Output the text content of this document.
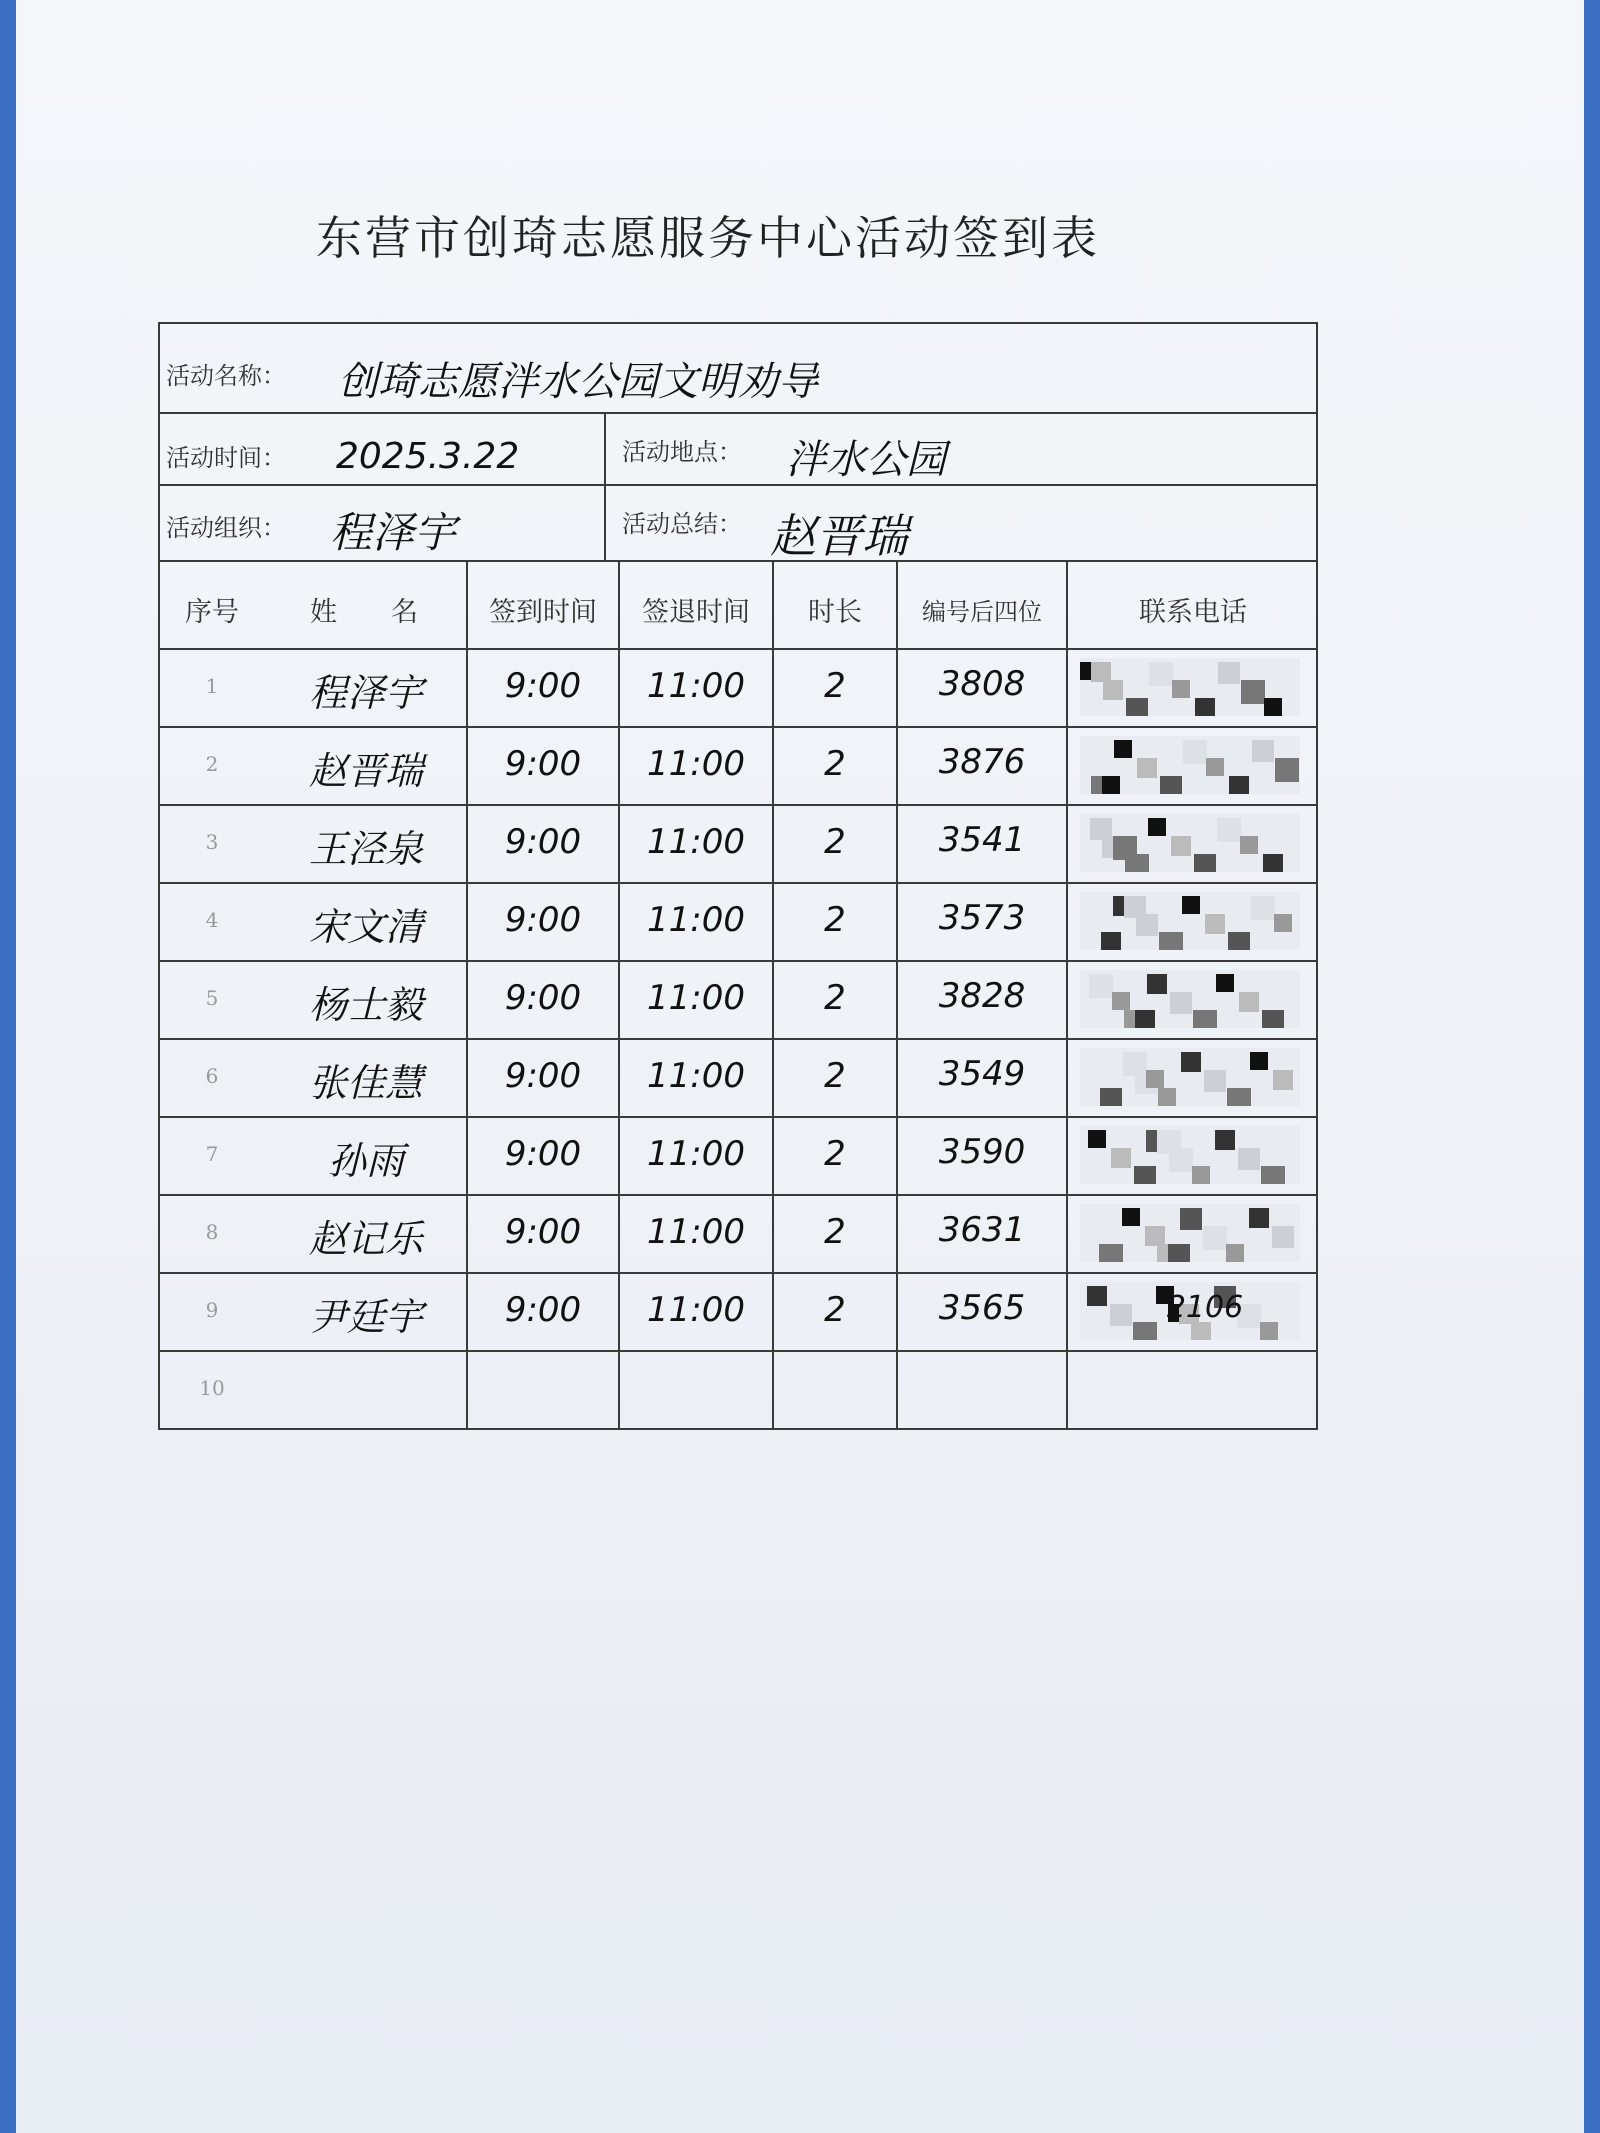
东营市创琦志愿服务中心活动签到表
活动名称： 创琦志愿泮水公园文明劝导
活动时间： 2025.3.22	活动地点： 泮水公园
活动组织： 程泽宇	活动总结： 赵晋瑞
序号	姓　　名	签到时间	签退时间	时长	编号后四位	联系电话
1	程泽宇	9:00	11:00	2	3808
2	赵晋瑞	9:00	11:00	2	3876
3	王泾泉	9:00	11:00	2	3541
4	宋文清	9:00	11:00	2	3573
5	杨士毅	9:00	11:00	2	3828
6	张佳慧	9:00	11:00	2	3549
7	孙雨	9:00	11:00	2	3590
8	赵记乐	9:00	11:00	2	3631
9	尹廷宇	9:00	11:00	2	3565	2106
10
